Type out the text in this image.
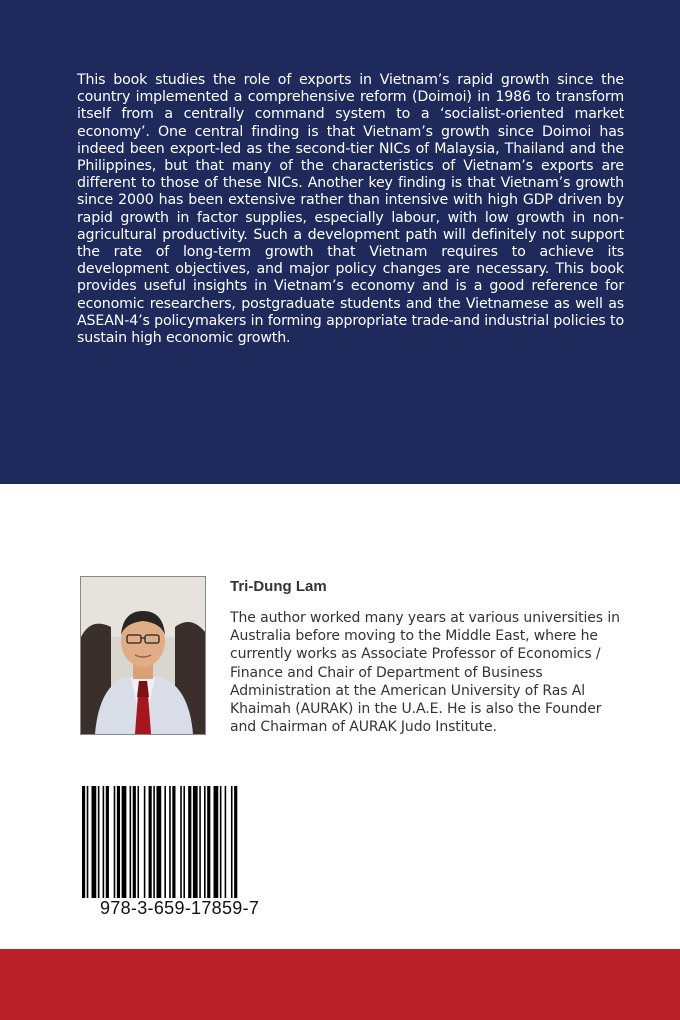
This book studies the role of exports in Vietnam’s rapid growth since the country implemented a comprehensive reform (Doimoi) in 1986 to transform itself from a centrally command system to a ‘socialist-oriented market economy’. One central finding is that Vietnam’s growth since Doimoi has indeed been export-led as the second-tier NICs of Malaysia, Thailand and the Philippines, but that many of the characteristics of Vietnam’s exports are different to those of these NICs. Another key finding is that Vietnam’s growth since 2000 has been extensive rather than intensive with high GDP driven by rapid growth in factor supplies, especially labour, with low growth in non-agricultural productivity. Such a development path will definitely not support the rate of long-term growth that Vietnam requires to achieve its development objectives, and major policy changes are necessary. This book provides useful insights in Vietnam’s economy and is a good reference for economic researchers, postgraduate students and the Vietnamese as well as ASEAN-4’s policymakers in forming appropriate trade-and industrial policies to sustain high economic growth.

Tri-Dung Lam

The author worked many years at various universities in Australia before moving to the Middle East, where he currently works as Associate Professor of Economics / Finance and Chair of Department of Business Administration at the American University of Ras Al Khaimah (AURAK) in the U.A.E. He is also the Founder and Chairman of AURAK Judo Institute.

978-3-659-17859-7
